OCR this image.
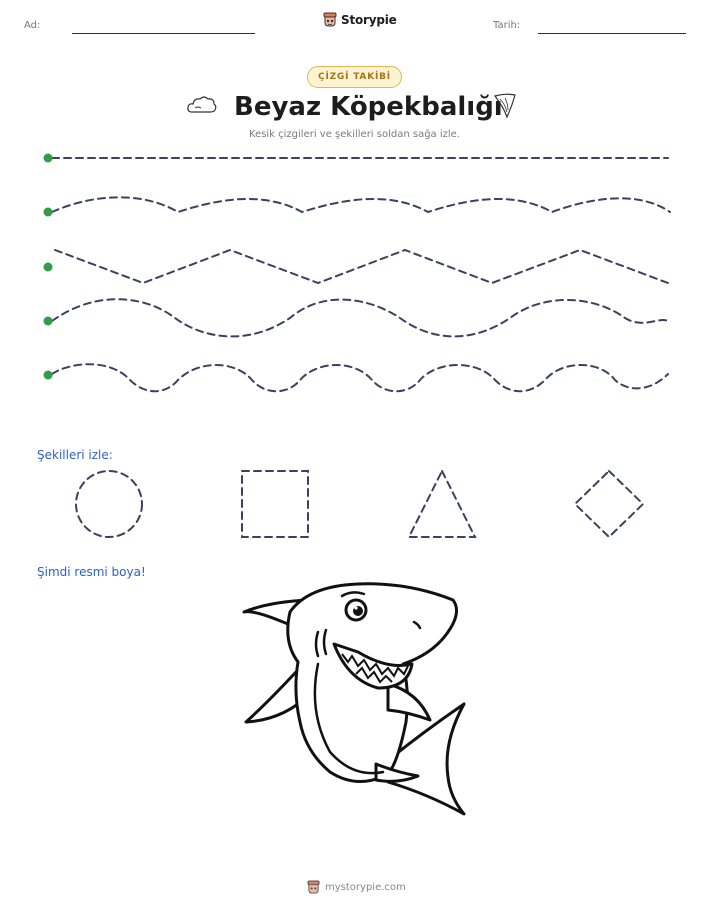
Ad:	Storypie	Tarih:
ÇİZGİ TAKİBİ
Beyaz Köpekbalığı
Kesik çizgileri ve şekilleri soldan sağa izle.
Şekilleri izle:
Şimdi resmi boya!
mystorypie.com
